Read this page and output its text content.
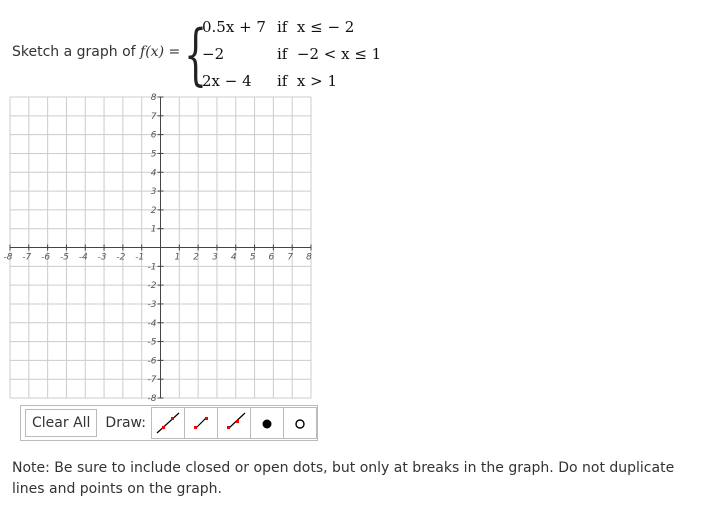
Sketch a graph of f(x) = {
0.5x + 7 if x ≤ − 2
−2	if −2 < x ≤ 1
2x − 4 if x > 1
-8 -7 -6 -5 -4 -3 -2 -1	1 2 3 4 5 6 7 8
8
7
6
5
4
3
2
1
-1
-2
-3
-4
-5
-6
-7
-8
Clear All	Draw:
Note: Be sure to include closed or open dots, but only at breaks in the graph. Do not duplicate lines and points on the graph.
